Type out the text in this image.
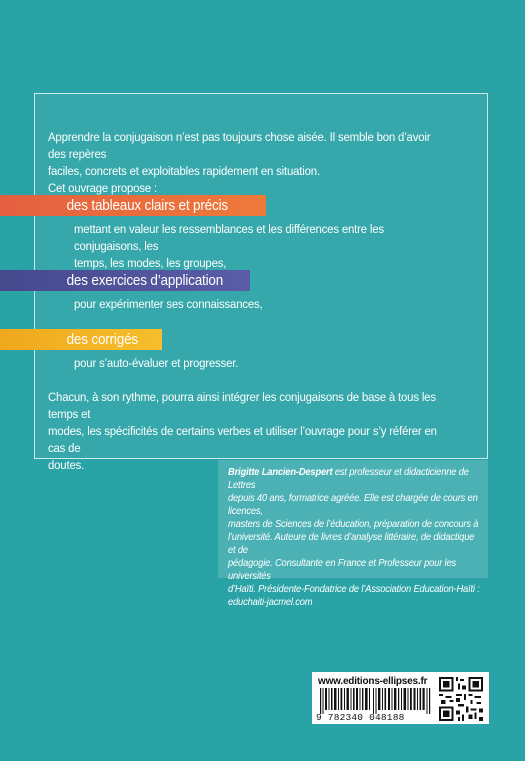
Apprendre la conjugaison n’est pas toujours chose aisée. Il semble bon d’avoir des repères
faciles, concrets et exploitables rapidement en situation.
Cet ouvrage propose :
des tableaux clairs et précis
mettant en valeur les ressemblances et les différences entre les conjugaisons, les
temps, les modes, les groupes,
des exercices d’application
pour expérimenter ses connaissances,
des corrigés
pour s’auto-évaluer et progresser.
Chacun, à son rythme, pourra ainsi intégrer les conjugaisons de base à tous les temps et
modes, les spécificités de certains verbes et utiliser l’ouvrage pour s’y référer en cas de
doutes.

Brigitte Lancien-Despert est professeur et didacticienne de Lettres
depuis 40 ans, formatrice agréée. Elle est chargée de cours en licences,
masters de Sciences de l’éducation, préparation de concours à
l’université. Auteure de livres d’analyse littéraire, de didactique et de
pédagogie. Consultante en France et Professeur pour les universités
d’Haïti. Présidente-Fondatrice de l’Association Education-Haïti :
educhaiti-jacmel.com

www.editions-ellipses.fr
9 782340 048188
